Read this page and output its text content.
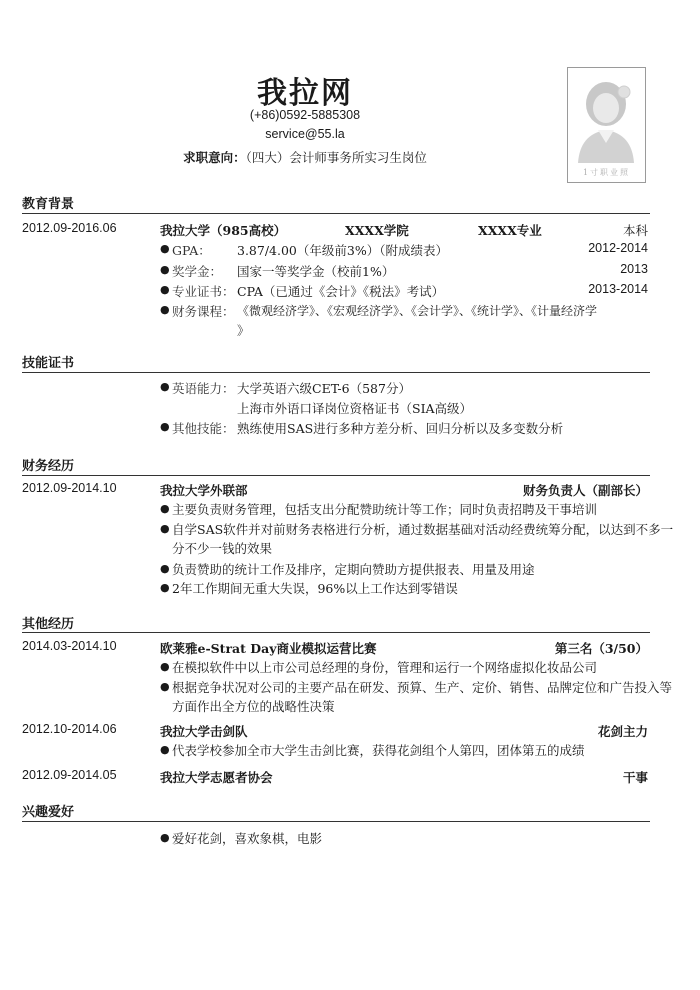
我拉网
(+86)0592-5885308
service@55.la
求职意向：（四大）会计师事务所实习生岗位
1寸职业照
教育背景
2012.09-2016.06	我拉大学（985高校）	XXXX学院	XXXX专业	本科
● GPA： 3.87/4.00（年级前3%）（附成绩表）	2012-2014
● 奖学金： 国家一等奖学金（校前1%）	2013
● 专业证书： CPA（已通过《会计》《税法》考试）	2013-2014
● 财务课程： 《微观经济学》、《宏观经济学》、《会计学》、《统计学》、《计量经济学
》
技能证书
● 英语能力： 大学英语六级CET-6（587分）
上海市外语口译岗位资格证书（SIA高级）
● 其他技能： 熟练使用SAS进行多种方差分析、回归分析以及多变数分析
财务经历
2012.09-2014.10	我拉大学外联部	财务负责人（副部长）
● 主要负责财务管理，包括支出分配赞助统计等工作；同时负责招聘及干事培训
● 自学SAS软件并对前财务表格进行分析，通过数据基础对活动经费统筹分配，以达到不多一
分不少一钱的效果
● 负责赞助的统计工作及排序，定期向赞助方提供报表、用量及用途
● 2年工作期间无重大失误，96%以上工作达到零错误
其他经历
2014.03-2014.10	欧莱雅e-Strat Day商业模拟运营比赛	第三名（3/50）
● 在模拟软件中以上市公司总经理的身份，管理和运行一个网络虚拟化妆品公司
● 根据竞争状况对公司的主要产品在研发、预算、生产、定价、销售、品牌定位和广告投入等
方面作出全方位的战略性决策
2012.10-2014.06	我拉大学击剑队	花剑主力
● 代表学校参加全市大学生击剑比赛，获得花剑组个人第四，团体第五的成绩
2012.09-2014.05	我拉大学志愿者协会	干事
兴趣爱好
● 爱好花剑，喜欢象棋，电影
